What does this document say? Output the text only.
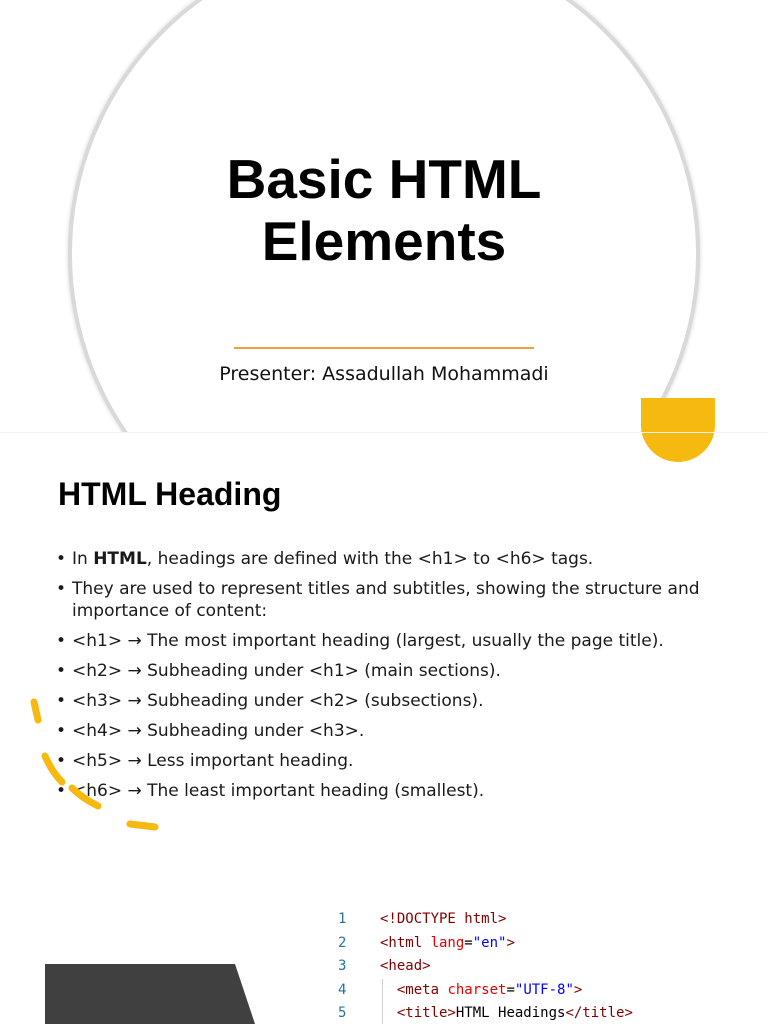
Basic HTML
Elements
Presenter: Assadullah Mohammadi
HTML Heading
• In HTML, headings are defined with the <h1> to <h6> tags.
• They are used to represent titles and subtitles, showing the structure and importance of content:
• <h1> → The most important heading (largest, usually the page title).
• <h2> → Subheading under <h1> (main sections).
• <h3> → Subheading under <h2> (subsections).
• <h4> → Subheading under <h3>.
• <h5> → Less important heading.
• <h6> → The least important heading (smallest).
1 <!DOCTYPE html>
2 <html lang="en">
3 <head>
4	<meta charset="UTF-8">
5	<title>HTML Headings</title>
